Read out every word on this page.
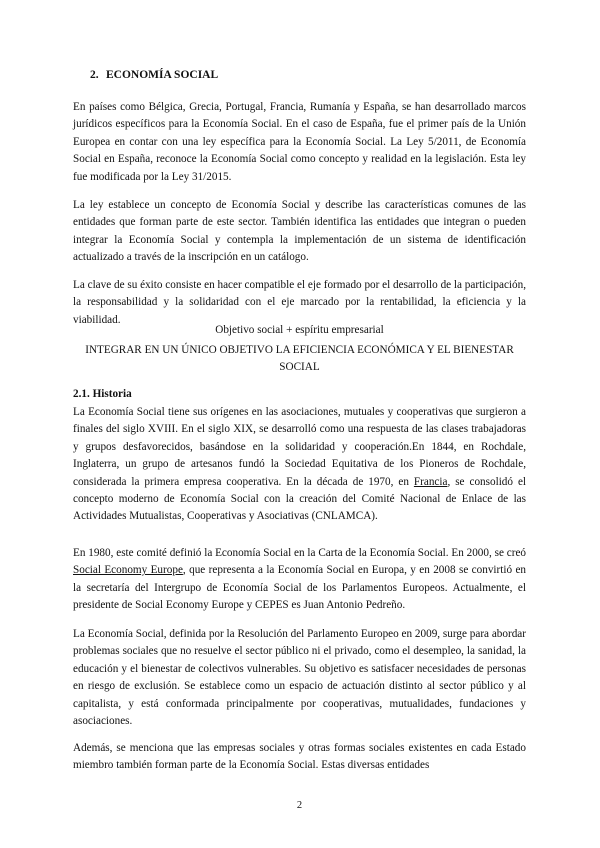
2. ECONOMÍA SOCIAL

En países como Bélgica, Grecia, Portugal, Francia, Rumanía y España, se han desarrollado marcos jurídicos específicos para la Economía Social. En el caso de España, fue el primer país de la Unión Europea en contar con una ley específica para la Economía Social. La Ley 5/2011, de Economía Social en España, reconoce la Economía Social como concepto y realidad en la legislación. Esta ley fue modificada por la Ley 31/2015.

La ley establece un concepto de Economía Social y describe las características comunes de las entidades que forman parte de este sector. También identifica las entidades que integran o pueden integrar la Economía Social y contempla la implementación de un sistema de identificación actualizado a través de la inscripción en un catálogo.

La clave de su éxito consiste en hacer compatible el eje formado por el desarrollo de la participación, la responsabilidad y la solidaridad con el eje marcado por la rentabilidad, la eficiencia y la viabilidad.

Objetivo social + espíritu empresarial
INTEGRAR EN UN ÚNICO OBJETIVO LA EFICIENCIA ECONÓMICA Y EL BIENESTAR SOCIAL
2.1. Historia

La Economía Social tiene sus orígenes en las asociaciones, mutuales y cooperativas que surgieron a finales del siglo XVIII. En el siglo XIX, se desarrolló como una respuesta de las clases trabajadoras y grupos desfavorecidos, basándose en la solidaridad y cooperación.En 1844, en Rochdale, Inglaterra, un grupo de artesanos fundó la Sociedad Equitativa de los Pioneros de Rochdale, considerada la primera empresa cooperativa. En la década de 1970, en Francia, se consolidó el concepto moderno de Economía Social con la creación del Comité Nacional de Enlace de las Actividades Mutualistas, Cooperativas y Asociativas (CNLAMCA).

En 1980, este comité definió la Economía Social en la Carta de la Economía Social. En 2000, se creó Social Economy Europe, que representa a la Economía Social en Europa, y en 2008 se convirtió en la secretaría del Intergrupo de Economía Social de los Parlamentos Europeos. Actualmente, el presidente de Social Economy Europe y CEPES es Juan Antonio Pedreño.

La Economía Social, definida por la Resolución del Parlamento Europeo en 2009, surge para abordar problemas sociales que no resuelve el sector público ni el privado, como el desempleo, la sanidad, la educación y el bienestar de colectivos vulnerables. Su objetivo es satisfacer necesidades de personas en riesgo de exclusión. Se establece como un espacio de actuación distinto al sector público y al capitalista, y está conformada principalmente por cooperativas, mutualidades, fundaciones y asociaciones.

Además, se menciona que las empresas sociales y otras formas sociales existentes en cada Estado miembro también forman parte de la Economía Social. Estas diversas entidades

2
